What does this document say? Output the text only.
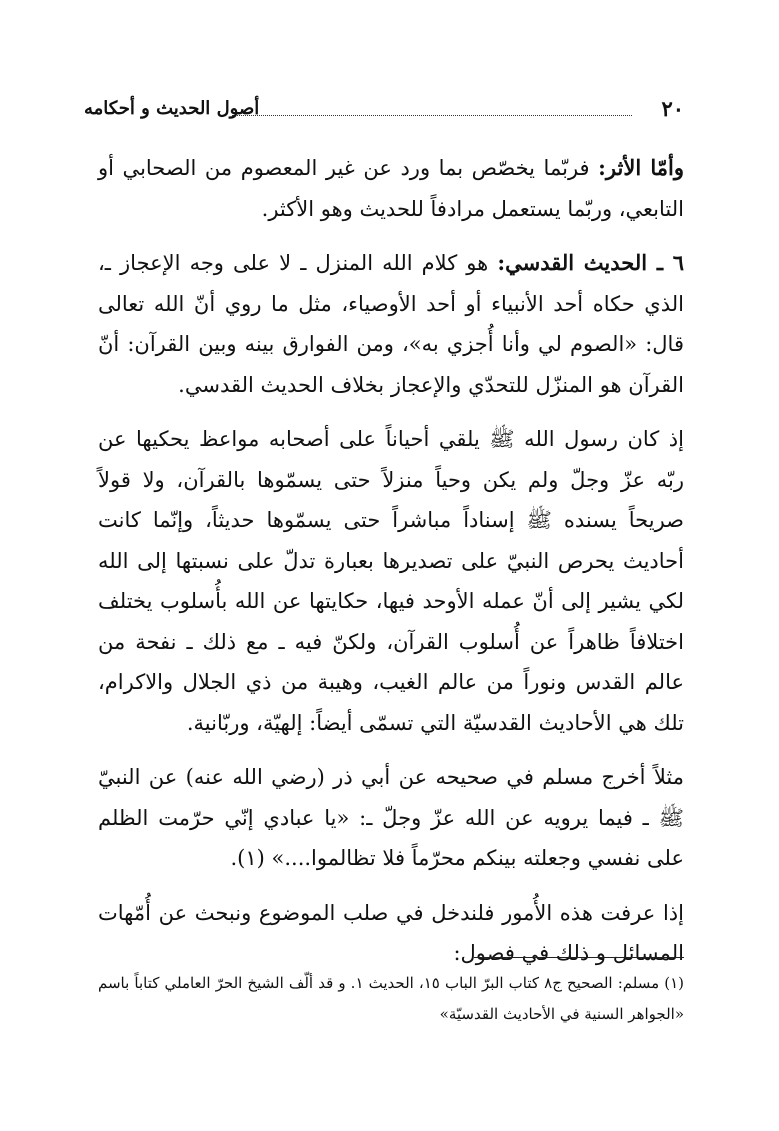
٢٠
أصول الحديث و أحكامه

وأمّا الأثر: فربّما يخصّص بما ورد عن غير المعصوم من الصحابي أو التابعي، وربّما يستعمل مرادفاً للحديث وهو الأكثر.

٦ ـ الحديث القدسي: هو كلام الله المنزل ـ لا على وجه الإعجاز ـ، الذي حكاه أحد الأنبياء أو أحد الأوصياء، مثل ما روي أنّ الله تعالى قال: «الصوم لي وأنا أُجزي به»، ومن الفوارق بينه وبين القرآن: أنّ القرآن هو المنزّل للتحدّي والإعجاز بخلاف الحديث القدسي.

إذ كان رسول الله ﷺ يلقي أحياناً على أصحابه مواعظ يحكيها عن ربّه عزّ وجلّ ولم يكن وحياً منزلاً حتى يسمّوها بالقرآن، ولا قولاً صريحاً يسنده ﷺ إسناداً مباشراً حتى يسمّوها حديثاً، وإنّما كانت أحاديث يحرص النبيّ على تصديرها بعبارة تدلّ على نسبتها إلى الله لكي يشير إلى أنّ عمله الأوحد فيها، حكايتها عن الله بأُسلوب يختلف اختلافاً ظاهراً عن أُسلوب القرآن، ولكنّ فيه ـ مع ذلك ـ نفحة من عالم القدس ونوراً من عالم الغيب، وهيبة من ذي الجلال والاكرام، تلك هي الأحاديث القدسيّة التي تسمّى أيضاً: إلهيّة، وربّانية.

مثلاً أخرج مسلم في صحيحه عن أبي ذر (رضي الله عنه) عن النبيّ ﷺ ـ فيما يرويه عن الله عزّ وجلّ ـ: «يا عبادي إنّي حرّمت الظلم على نفسي وجعلته بينكم محرّماً فلا تظالموا....» (١).

إذا عرفت هذه الأُمور فلندخل في صلب الموضوع ونبحث عن أُمّهات المسائل و ذلك في فصول:

(١) مسلم: الصحيح ج٨ كتاب البرّ الباب ١٥، الحديث ١. و قد ألّف الشيخ الحرّ العاملي كتاباً باسم «الجواهر السنية في الأحاديث القدسيّة»
